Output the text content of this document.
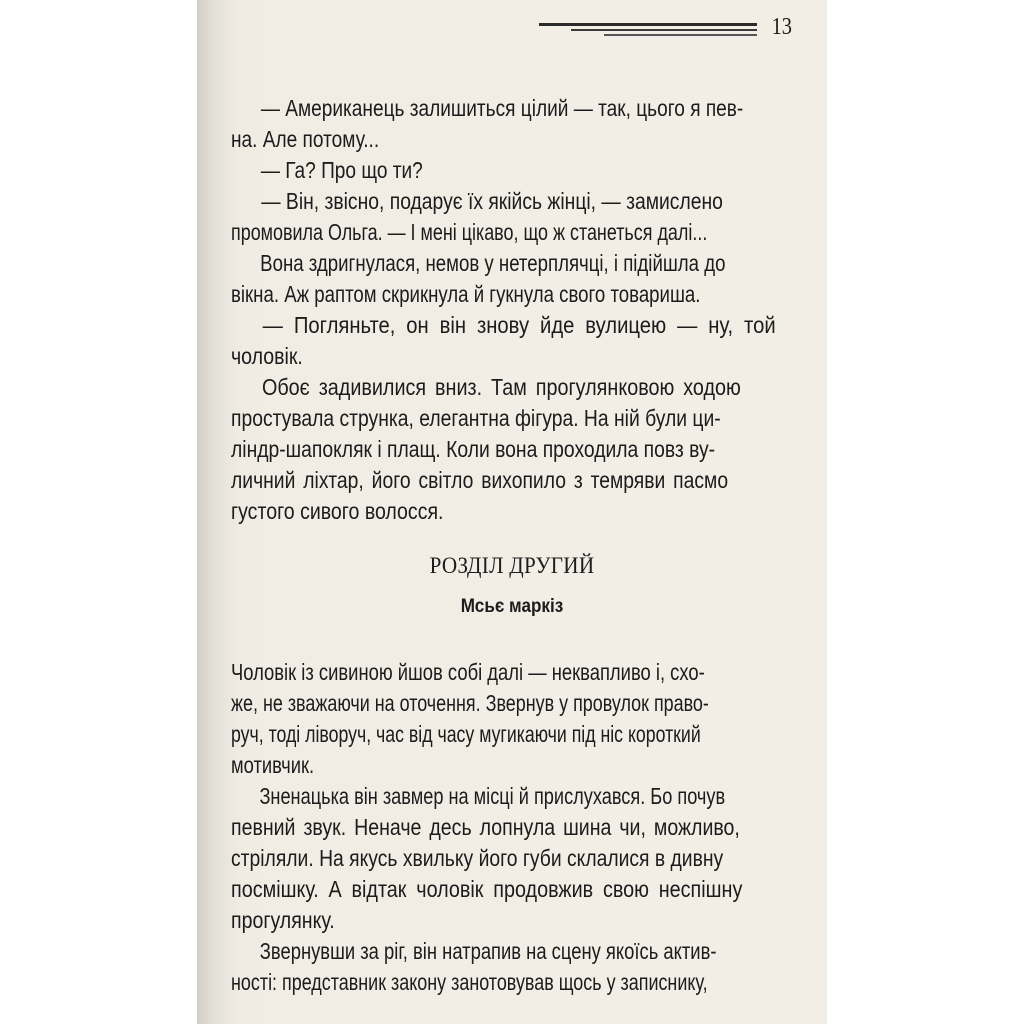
13
— Американець залишиться цілий — так, цього я пев-
на. Але потому...
— Га? Про що ти?
— Він, звісно, подарує їх якійсь жінці, — замислено
промовила Ольга. — І мені цікаво, що ж станеться далі...
Вона здригнулася, немов у нетерплячці, і підійшла до
вікна. Аж раптом скрикнула й гукнула свого товариша.
— Погляньте, он він знову йде вулицею — ну, той
чоловік.
Обоє задивилися вниз. Там прогулянковою ходою
простувала струнка, елегантна фігура. На ній були ци-
ліндр-шапокляк і плащ. Коли вона проходила повз ву-
личний ліхтар, його світло вихопило з темряви пасмо
густого сивого волосся.
РОЗДІЛ ДРУГИЙ
Мсьє маркіз
Чоловік із сивиною йшов собі далі — неквапливо і, схо-
же, не зважаючи на оточення. Звернув у провулок право-
руч, тоді ліворуч, час від часу мугикаючи під ніс короткий
мотивчик.
Зненацька він завмер на місці й прислухався. Бо почув
певний звук. Неначе десь лопнула шина чи, можливо,
стріляли. На якусь хвильку його губи склалися в дивну
посмішку. А відтак чоловік продовжив свою неспішну
прогулянку.
Звернувши за ріг, він натрапив на сцену якоїсь актив-
ності: представник закону занотовував щось у записнику,
